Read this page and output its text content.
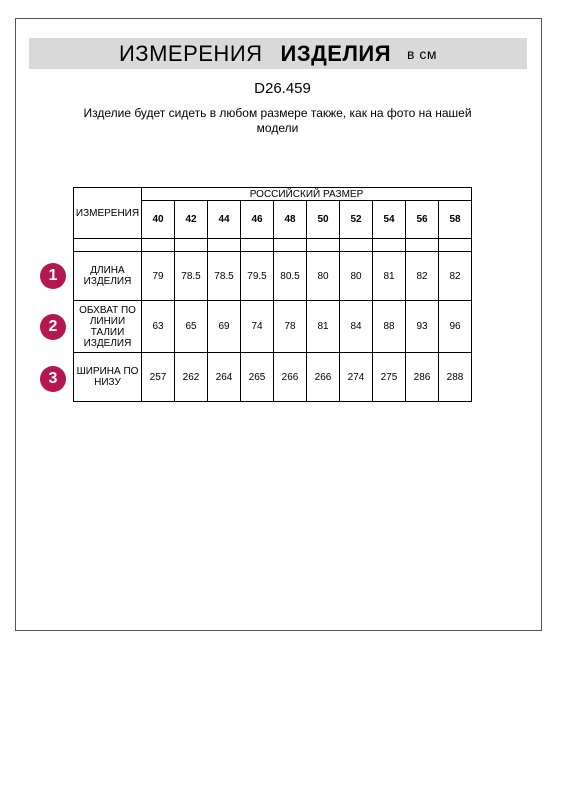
ИЗМЕРЕНИЯ ИЗДЕЛИЯ в см
D26.459
Изделие будет сидеть в любом размере также, как на фото на нашей модели
ИЗМЕРЕНИЯ	РОССИЙСКИЙ РАЗМЕР									
	40	42	44	46	48	50	52	54	56	58

ДЛИНА ИЗДЕЛИЯ	79	78.5	78.5	79.5	80.5	80	80	81	82	82
ОБХВАТ ПО ЛИНИИ ТАЛИИ ИЗДЕЛИЯ	63	65	69	74	78	81	84	88	93	96
ШИРИНА ПО НИЗУ	257	262	264	265	266	266	274	275	286	288
1
2
3
